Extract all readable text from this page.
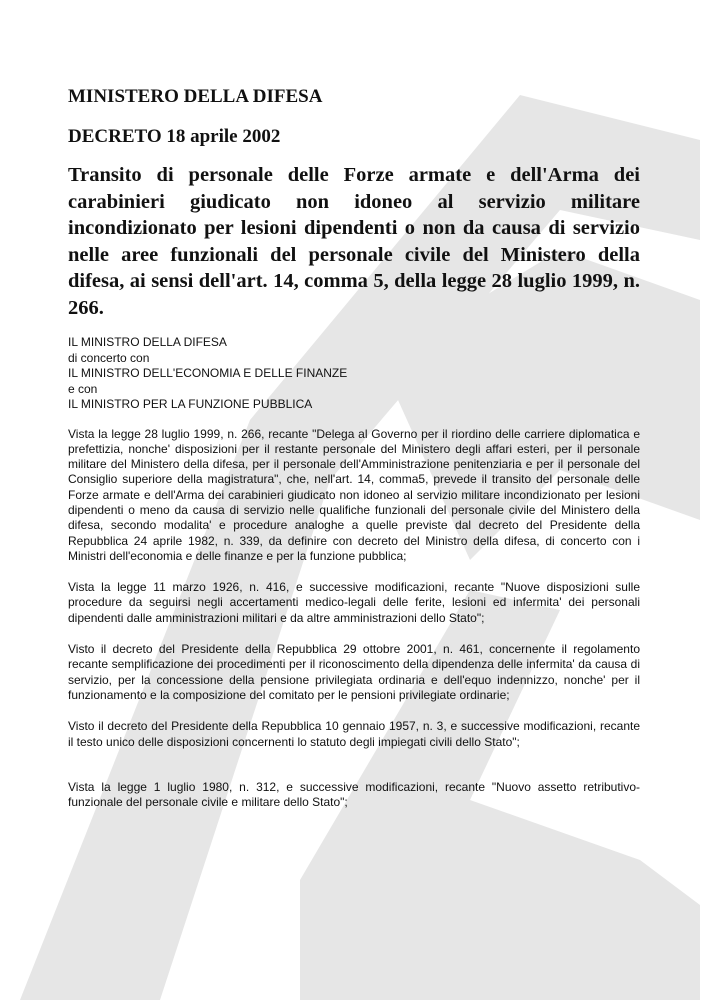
MINISTERO DELLA DIFESA
DECRETO 18 aprile 2002
Transito di personale delle Forze armate e dell'Arma dei carabinieri giudicato non idoneo al servizio militare incondizionato per lesioni dipendenti o non da causa di servizio nelle aree funzionali del personale civile del Ministero della difesa, ai sensi dell'art. 14, comma 5, della legge 28 luglio 1999, n. 266.
IL MINISTRO DELLA DIFESA
di concerto con
IL MINISTRO DELL'ECONOMIA E DELLE FINANZE
e con
IL MINISTRO PER LA FUNZIONE PUBBLICA

Vista la legge 28 luglio 1999, n. 266, recante "Delega al Governo per il riordino delle carriere diplomatica e prefettizia, nonche' disposizioni per il restante personale del Ministero degli affari esteri, per il personale militare del Ministero della difesa, per il personale dell'Amministrazione penitenziaria e per il personale del Consiglio superiore della magistratura", che, nell'art. 14, comma5, prevede il transito del personale delle Forze armate e dell'Arma dei carabinieri giudicato non idoneo al servizio militare incondizionato per lesioni dipendenti o meno da causa di servizio nelle qualifiche funzionali del personale civile del Ministero della difesa, secondo modalita' e procedure analoghe a quelle previste dal decreto del Presidente della Repubblica 24 aprile 1982, n. 339, da definire con decreto del Ministro della difesa, di concerto con i Ministri dell'economia e delle finanze e per la funzione pubblica;

Vista la legge 11 marzo 1926, n. 416, e successive modificazioni, recante "Nuove disposizioni sulle procedure da seguirsi negli accertamenti medico-legali delle ferite, lesioni ed infermita' dei personali dipendenti dalle amministrazioni militari e da altre amministrazioni dello Stato";

Visto il decreto del Presidente della Repubblica 29 ottobre 2001, n. 461, concernente il regolamento recante semplificazione dei procedimenti per il riconoscimento della dipendenza delle infermita' da causa di servizio, per la concessione della pensione privilegiata ordinaria e dell'equo indennizzo, nonche' per il funzionamento e la composizione del comitato per le pensioni privilegiate ordinarie;

Visto il decreto del Presidente della Repubblica 10 gennaio 1957, n. 3, e successive modificazioni, recante il testo unico delle disposizioni concernenti lo statuto degli impiegati civili dello Stato";

Vista la legge 1 luglio 1980, n. 312, e successive modificazioni, recante "Nuovo assetto retributivo-funzionale del personale civile e militare dello Stato";
